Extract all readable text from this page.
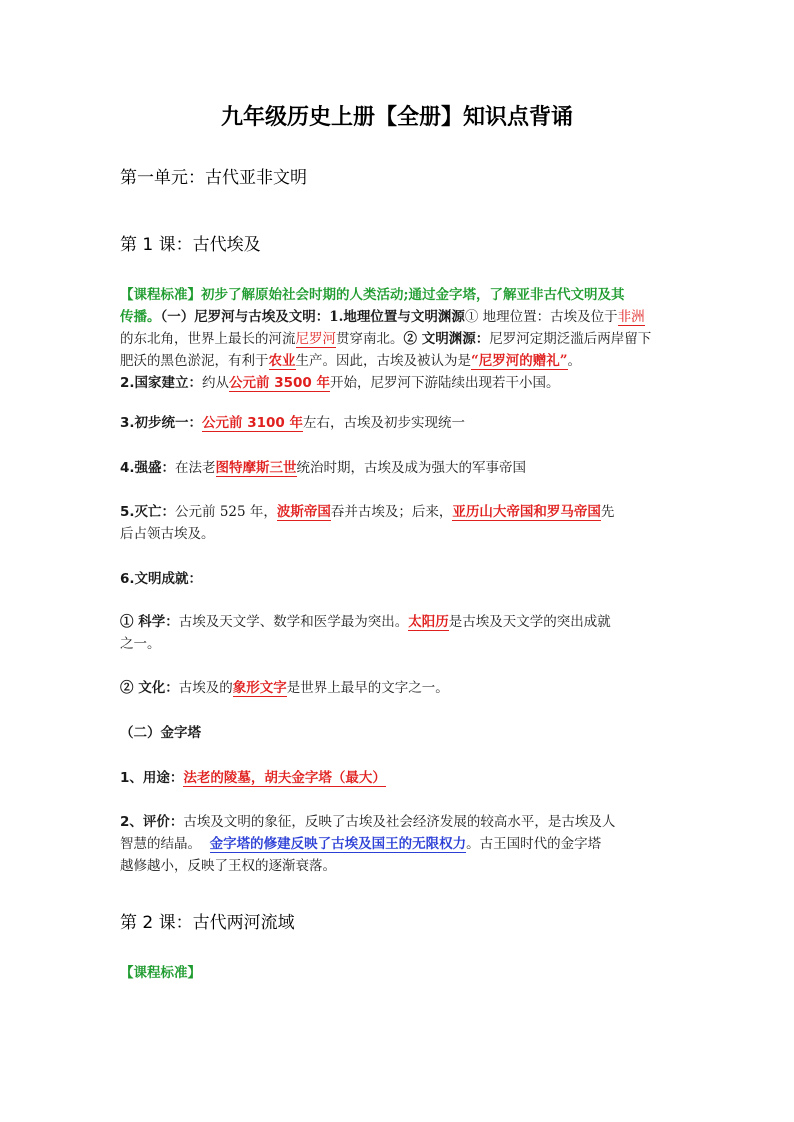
九年级历史上册【全册】知识点背诵
第一单元：古代亚非文明
第 1 课：古代埃及
【课程标准】初步了解原始社会时期的人类活动;通过金字塔，了解亚非古代文明及其
传播。（一）尼罗河与古埃及文明：1.地理位置与文明渊源① 地理位置：古埃及位于非洲
的东北角，世界上最长的河流尼罗河贯穿南北。② 文明渊源：尼罗河定期泛滥后两岸留下
肥沃的黑色淤泥，有利于农业生产。因此，古埃及被认为是“尼罗河的赠礼”。
2.国家建立：约从公元前 3500 年开始，尼罗河下游陆续出现若干小国。
3.初步统一：公元前 3100 年左右，古埃及初步实现统一
4.强盛：在法老图特摩斯三世统治时期，古埃及成为强大的军事帝国
5.灭亡：公元前 525 年，波斯帝国吞并古埃及；后来，亚历山大帝国和罗马帝国先
后占领古埃及。
6.文明成就：
① 科学：古埃及天文学、数学和医学最为突出。太阳历是古埃及天文学的突出成就
之一。
② 文化：古埃及的象形文字是世界上最早的文字之一。
（二）金字塔
1、用途：法老的陵墓，胡夫金字塔（最大）
2、评价：古埃及文明的象征，反映了古埃及社会经济发展的较高水平，是古埃及人
智慧的结晶。 金字塔的修建反映了古埃及国王的无限权力。古王国时代的金字塔
越修越小，反映了王权的逐渐衰落。
第 2 课：古代两河流域
【课程标准】
